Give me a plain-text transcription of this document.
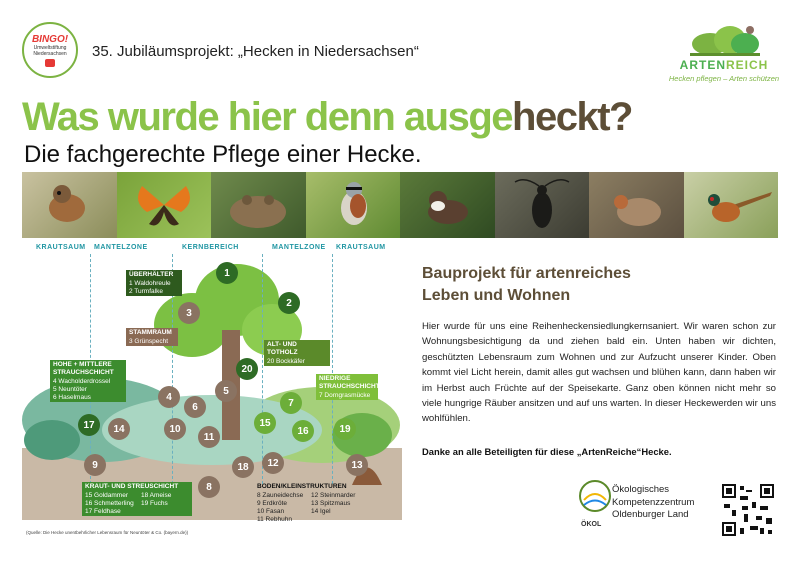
BINGO!
Umweltstiftung
Niedersachsen 35. Jubiläumsprojekt: „Hecken in Niedersachsen“
ARTENREICH
Hecken pflegen – Arten schützen
Was wurde hier denn ausgeheckt?
Die fachgerechte Pflege einer Hecke.
KRAUTSAUM MANTELZONE	KERNBEREICH	MANTELZONE KRAUTSAUM
ÜBERHÄLTER
1 Waldohreule
2 Turmfalke
STAMMRAUM
3 Grünspecht	ALT- UND TOTHOLZ
20 Bockkäfer
HOHE + MITTLERE STRAUCHSCHICHT
4 Wacholderdrossel
5 Neuntöter
6 Haselmaus
NIEDRIGE STRAUCHSCHICHT
7 Dorngrasmücke
KRAUT- UND STREUSCHICHT
15 Goldammer
16 Schmetterling
17 Feldhase
18 Ameise
19 Fuchs
BODEN/KLEINSTRUKTUREN
8 Zauneidechse
9 Erdkröte
10 Fasan
11 Rebhuhn
12 Steinmarder
13 Spitzmaus
14 Igel
1
2
3
4
5
6	7
8
9
10
11
12	13
14
15
16
17
18
19
20
(Quelle: Die Hecke unentbehrlicher Lebensraum für Neuntöter & Co. (bayern.de))
Bauprojekt für artenreiches
Leben und Wohnen

Hier wurde für uns eine Reihenheckensiedlungkernsaniert. Wir waren schon zur Wohnungsbesichtigung da und ziehen bald ein. Unten haben wir dichten, geschützten Lebensraum zum Wohnen und zur Aufzucht unserer Kinder. Oben kommt viel Licht herein, damit alles gut wachsen und blühen kann, dann haben wir im Herbst auch Früchte auf der Speisekarte. Ganz oben können nicht mehr so viele hungrige Räuber ansitzen und auf uns warten. In dieser Heckewerden wir uns wohlfühlen.

Danke an alle Beteiligten für diese „ArtenReiche“Hecke.
ÖKOL
Ökologisches
Kompetenzzentrum
Oldenburger Land
